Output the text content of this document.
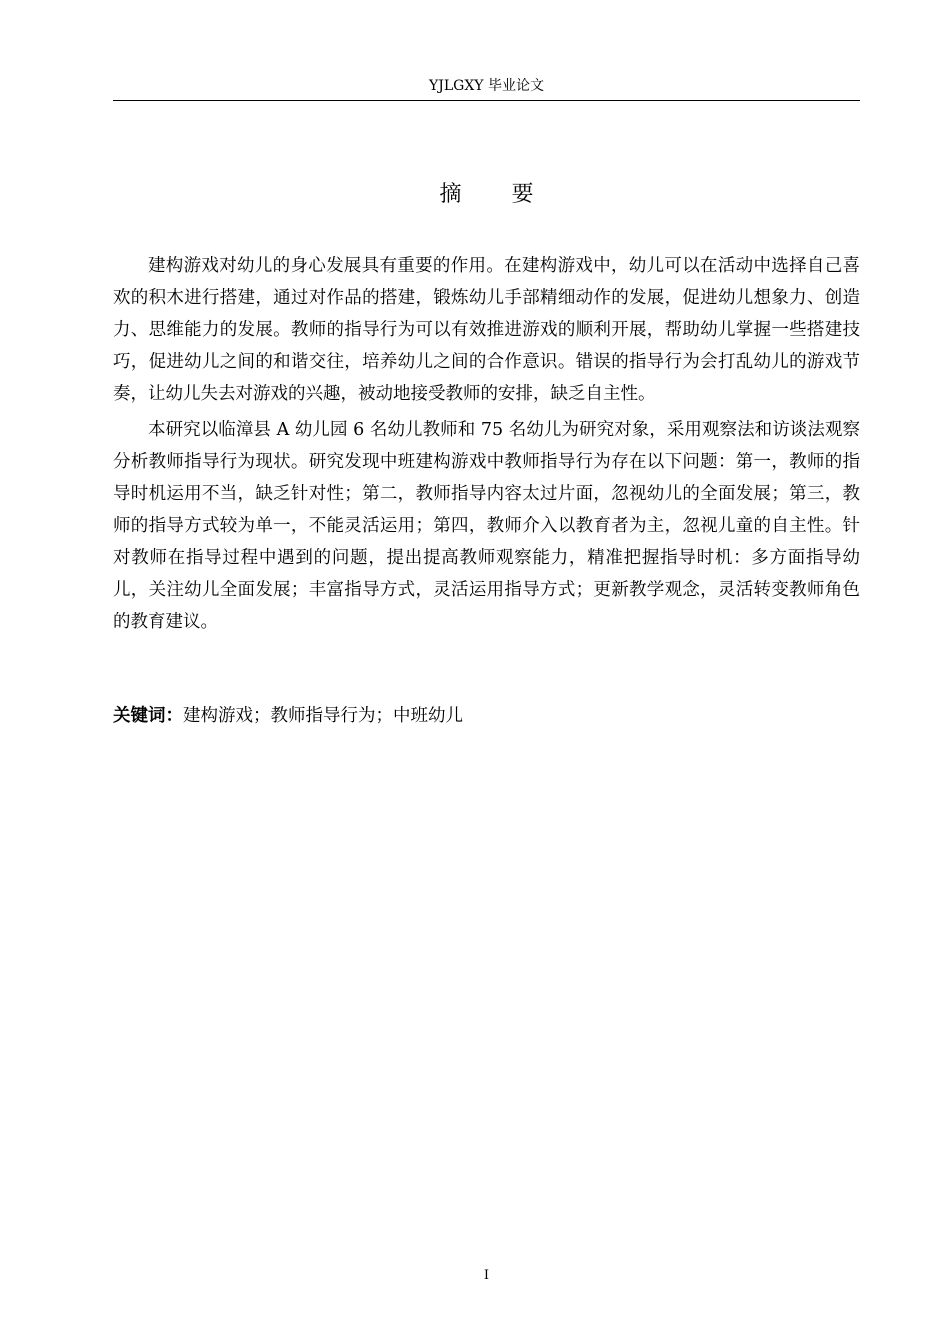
YJLGXY 毕业论文
摘 要

建构游戏对幼儿的身心发展具有重要的作用。在建构游戏中，幼儿可以在活动中选择自己喜欢的积木进行搭建，通过对作品的搭建，锻炼幼儿手部精细动作的发展，促进幼儿想象力、创造力、思维能力的发展。教师的指导行为可以有效推进游戏的顺利开展，帮助幼儿掌握一些搭建技巧，促进幼儿之间的和谐交往，培养幼儿之间的合作意识。错误的指导行为会打乱幼儿的游戏节奏，让幼儿失去对游戏的兴趣，被动地接受教师的安排，缺乏自主性。

本研究以临漳县 A 幼儿园 6 名幼儿教师和 75 名幼儿为研究对象，采用观察法和访谈法观察分析教师指导行为现状。研究发现中班建构游戏中教师指导行为存在以下问题：第一，教师的指导时机运用不当，缺乏针对性；第二，教师指导内容太过片面，忽视幼儿的全面发展；第三，教师的指导方式较为单一，不能灵活运用；第四，教师介入以教育者为主，忽视儿童的自主性。针对教师在指导过程中遇到的问题，提出提高教师观察能力，精准把握指导时机：多方面指导幼儿，关注幼儿全面发展；丰富指导方式，灵活运用指导方式；更新教学观念，灵活转变教师角色的教育建议。

关键词：建构游戏；教师指导行为；中班幼儿
I
